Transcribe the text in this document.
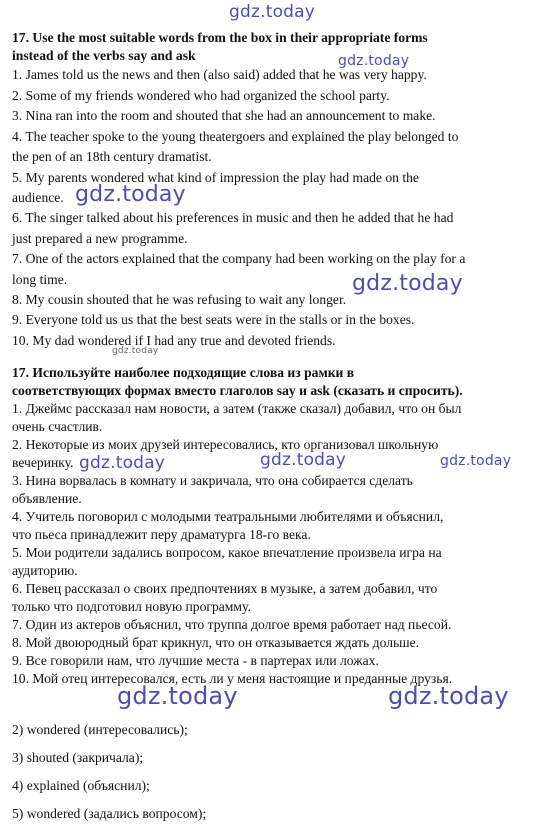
17. Use the most suitable words from the box in their appropriate forms
instead of the verbs say and ask
1. James told us the news and then (also said) added that he was very happy.
2. Some of my friends wondered who had organized the school party.
3. Nina ran into the room and shouted that she had an announcement to make.
4. The teacher spoke to the young theatergoers and explained the play belonged to
the pen of an 18th century dramatist.
5. My parents wondered what kind of impression the play had made on the
audience.
6. The singer talked about his preferences in music and then he added that he had
just prepared a new programme.
7. One of the actors explained that the company had been working on the play for a
long time.
8. My cousin shouted that he was refusing to wait any longer.
9. Everyone told us us that the best seats were in the stalls or in the boxes.
10. My dad wondered if I had any true and devoted friends.
17. Используйте наиболее подходящие слова из рамки в
соответствующих формах вместо глаголов say и ask (сказать и спросить).
1. Джеймс рассказал нам новости, а затем (также сказал) добавил, что он был
очень счастлив.
2. Некоторые из моих друзей интересовались, кто организовал школьную
вечеринку.
3. Нина ворвалась в комнату и закричала, что она собирается сделать
объявление.
4. Учитель поговорил с молодыми театральными любителями и объяснил,
что пьеса принадлежит перу драматурга 18-го века.
5. Мои родители задались вопросом, какое впечатление произвела игра на
аудиторию.
6. Певец рассказал о своих предпочтениях в музыке, а затем добавил, что
только что подготовил новую программу.
7. Один из актеров объяснил, что труппа долгое время работает над пьесой.
8. Мой двоюродный брат крикнул, что он отказывается ждать дольше.
9. Все говорили нам, что лучшие места - в партерах или ложах.
10. Мой отец интересовался, есть ли у меня настоящие и преданные друзья.
2) wondered (интересовались);
3) shouted (закричала);
4) explained (объяснил);
5) wondered (задались вопросом);
gdz.today
gdz.today
gdz.today
gdz.today
gdz.today
gdz.today	gdz.today	gdz.today
gdz.today	gdz.today
